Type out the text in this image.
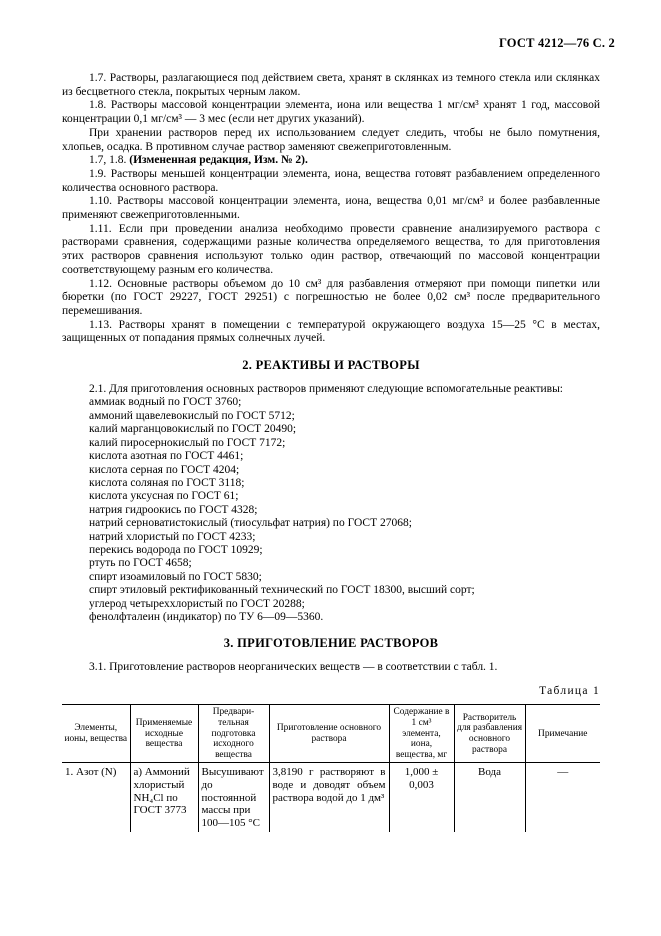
ГОСТ 4212—76 С. 2

1.7. Растворы, разлагающиеся под действием света, хранят в склянках из темного стекла или склянках из бесцветного стекла, покрытых черным лаком.

1.8. Растворы массовой концентрации элемента, иона или вещества 1 мг/см³ хранят 1 год, массовой концентрации 0,1 мг/см³ — 3 мес (если нет других указаний).

При хранении растворов перед их использованием следует следить, чтобы не было помутнения, хлопьев, осадка. В противном случае раствор заменяют свежеприготовленным.

1.7, 1.8. (Измененная редакция, Изм. № 2).

1.9. Растворы меньшей концентрации элемента, иона, вещества готовят разбавлением определенного количества основного раствора.

1.10. Растворы массовой концентрации элемента, иона, вещества 0,01 мг/см³ и более разбавленные применяют свежеприготовленными.

1.11. Если при проведении анализа необходимо провести сравнение анализируемого раствора с растворами сравнения, содержащими разные количества определяемого вещества, то для приготовления этих растворов сравнения используют только один раствор, отвечающий по массовой концентрации соответствующему разным его количества.

1.12. Основные растворы объемом до 10 см³ для разбавления отмеряют при помощи пипетки или бюретки (по ГОСТ 29227, ГОСТ 29251) с погрешностью не более 0,02 см³ после предварительного перемешивания.

1.13. Растворы хранят в помещении с температурой окружающего воздуха 15—25 °С в местах, защищенных от попадания прямых солнечных лучей.

2. РЕАКТИВЫ И РАСТВОРЫ

2.1. Для приготовления основных растворов применяют следующие вспомогательные реактивы:

аммиак водный по ГОСТ 3760;
аммоний щавелевокислый по ГОСТ 5712;
калий марганцовокислый по ГОСТ 20490;
калий пиросернокислый по ГОСТ 7172;
кислота азотная по ГОСТ 4461;
кислота серная по ГОСТ 4204;
кислота соляная по ГОСТ 3118;
кислота уксусная по ГОСТ 61;
натрия гидроокись по ГОСТ 4328;
натрий серноватистокислый (тиосульфат натрия) по ГОСТ 27068;
натрий хлористый по ГОСТ 4233;
перекись водорода по ГОСТ 10929;
ртуть по ГОСТ 4658;
спирт изоамиловый по ГОСТ 5830;
спирт этиловый ректификованный технический по ГОСТ 18300, высший сорт;
углерод четыреххлористый по ГОСТ 20288;
фенолфталеин (индикатор) по ТУ 6—09—5360.

3. ПРИГОТОВЛЕНИЕ РАСТВОРОВ

3.1. Приготовление растворов неорганических веществ — в соответствии с табл. 1.

Таблица 1

Элементы, ионы, вещества	Применяемые исходные вещества	Предвари- тельная подготовка исходного вещества	Приготовление основного раствора	Содержание в 1 см³ элемента, иона, вещества, мг	Растворитель для разбавления основного раствора	Примечание
1. Азот (N)	а) Аммоний хлористый NH₄Cl по ГОСТ 3773	Высушивают до постоянной массы при 100—105 °С	3,8190 г растворяют в воде и доводят объем раствора водой до 1 дм³	1,000 ± 0,003	Вода	—
